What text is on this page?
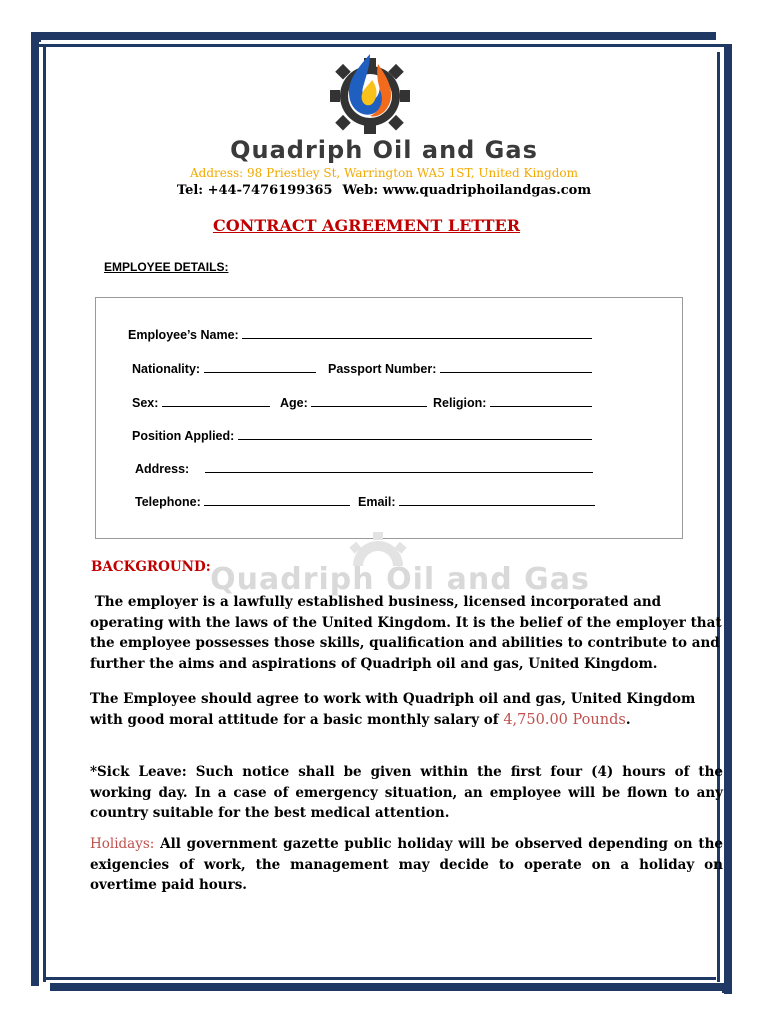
Quadriph Oil and Gas
Address: 98 Priestley St, Warrington WA5 1ST, United Kingdom
Tel: +44-7476199365 Web: www.quadriphoilandgas.com
CONTRACT AGREEMENT LETTER
EMPLOYEE DETAILS:
Employee’s Name:
Nationality:	Passport Number:
Sex:	Age:	Religion:
Position Applied:
Address:
Telephone:	Email:
Quadriph Oil and Gas
BACKGROUND:
The employer is a lawfully established business, licensed incorporated and operating with the laws of the United Kingdom. It is the belief of the employer that the employee possesses those skills, qualification and abilities to contribute to and further the aims and aspirations of Quadriph oil and gas, United Kingdom.
The Employee should agree to work with Quadriph oil and gas, United Kingdom with good moral attitude for a basic monthly salary of 4,750.00 Pounds.
*Sick Leave: Such notice shall be given within the first four (4) hours of the working day. In a case of emergency situation, an employee will be flown to any country suitable for the best medical attention.
Holidays: All government gazette public holiday will be observed depending on the exigencies of work, the management may decide to operate on a holiday on overtime paid hours.
